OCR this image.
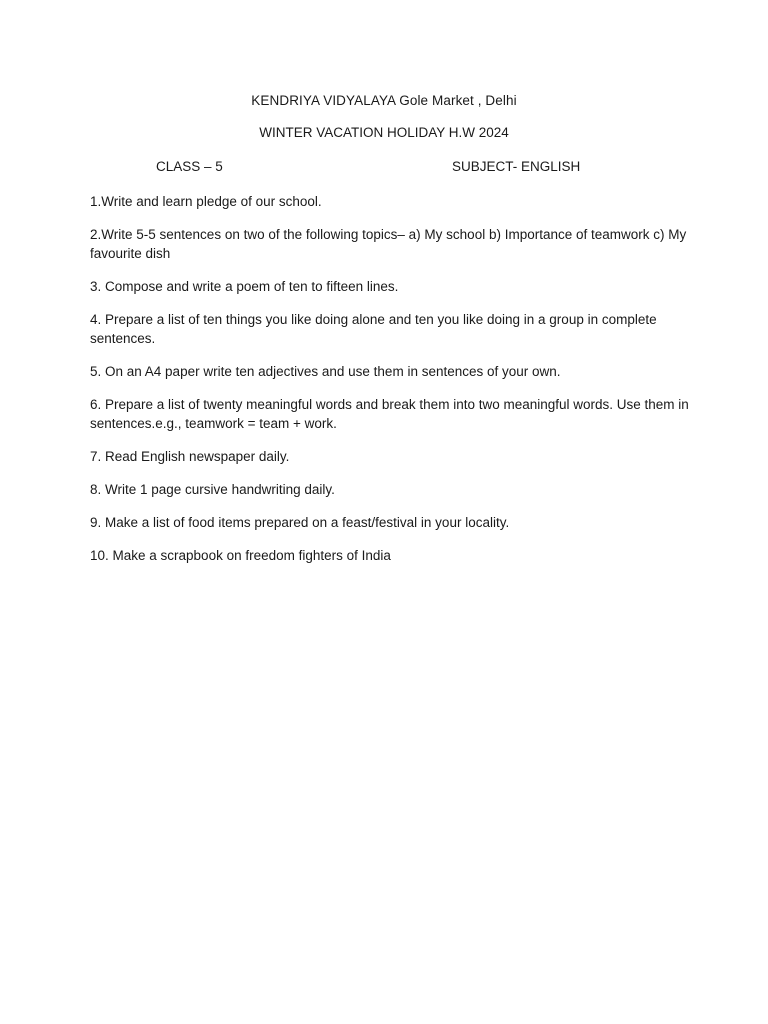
KENDRIYA VIDYALAYA Gole Market , Delhi
WINTER VACATION HOLIDAY H.W 2024
CLASS – 5	SUBJECT- ENGLISH
1.Write and learn pledge of our school.
2.Write 5-5 sentences on two of the following topics– a) My school b) Importance of teamwork c) My favourite dish
3. Compose and write a poem of ten to fifteen lines.
4. Prepare a list of ten things you like doing alone and ten you like doing in a group in complete sentences.
5. On an A4 paper write ten adjectives and use them in sentences of your own.
6. Prepare a list of twenty meaningful words and break them into two meaningful words. Use them in sentences.e.g., teamwork = team + work.
7. Read English newspaper daily.
8. Write 1 page cursive handwriting daily.
9. Make a list of food items prepared on a feast/festival in your locality.
10. Make a scrapbook on freedom fighters of India
